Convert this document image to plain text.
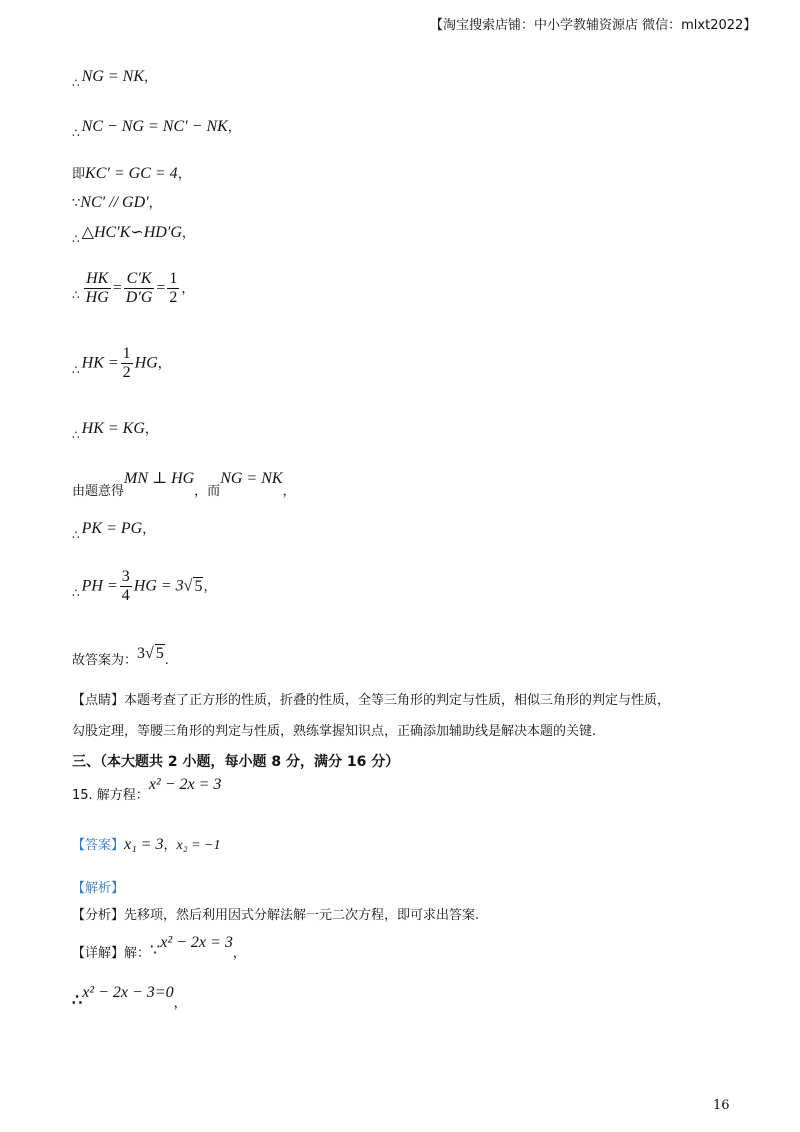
【淘宝搜索店铺：中小学教辅资源店 微信：mlxt2022】
∴ NG = NK，
∴ NC − NG = NC′ − NK，
即KC′ = GC = 4，
∵NC′ // GD′，
∴ △HC′K∽HD′G，
∴ $\frac{HK}{HG} = \frac{C'K}{D'G} = \frac{1}{2}$ ，
∴ HK = $\frac{1}{2}$ HG，
∴ HK = KG，
由题意得MN ⊥ HG，而NG = NK，
∴ PK = PG，
∴ PH = $\frac{3}{4}$ HG = 3√ 5，
故答案为：3√ 5.
【点睛】本题考查了正方形的性质，折叠的性质，全等三角形的判定与性质，相似三角形的判定与性质，
勾股定理，等腰三角形的判定与性质，熟练掌握知识点，正确添加辅助线是解决本题的关键.
三、（本大题共 2 小题，每小题 8 分，满分 16 分）
15. 解方程：x² − 2x = 3
【答案】x₁ = 3，x₂ = −1
【解析】
【分析】先移项，然后利用因式分解法解一元二次方程，即可求出答案.
【详解】解：∵x² − 2x = 3，
∴x² − 2x − 3=0，
16
